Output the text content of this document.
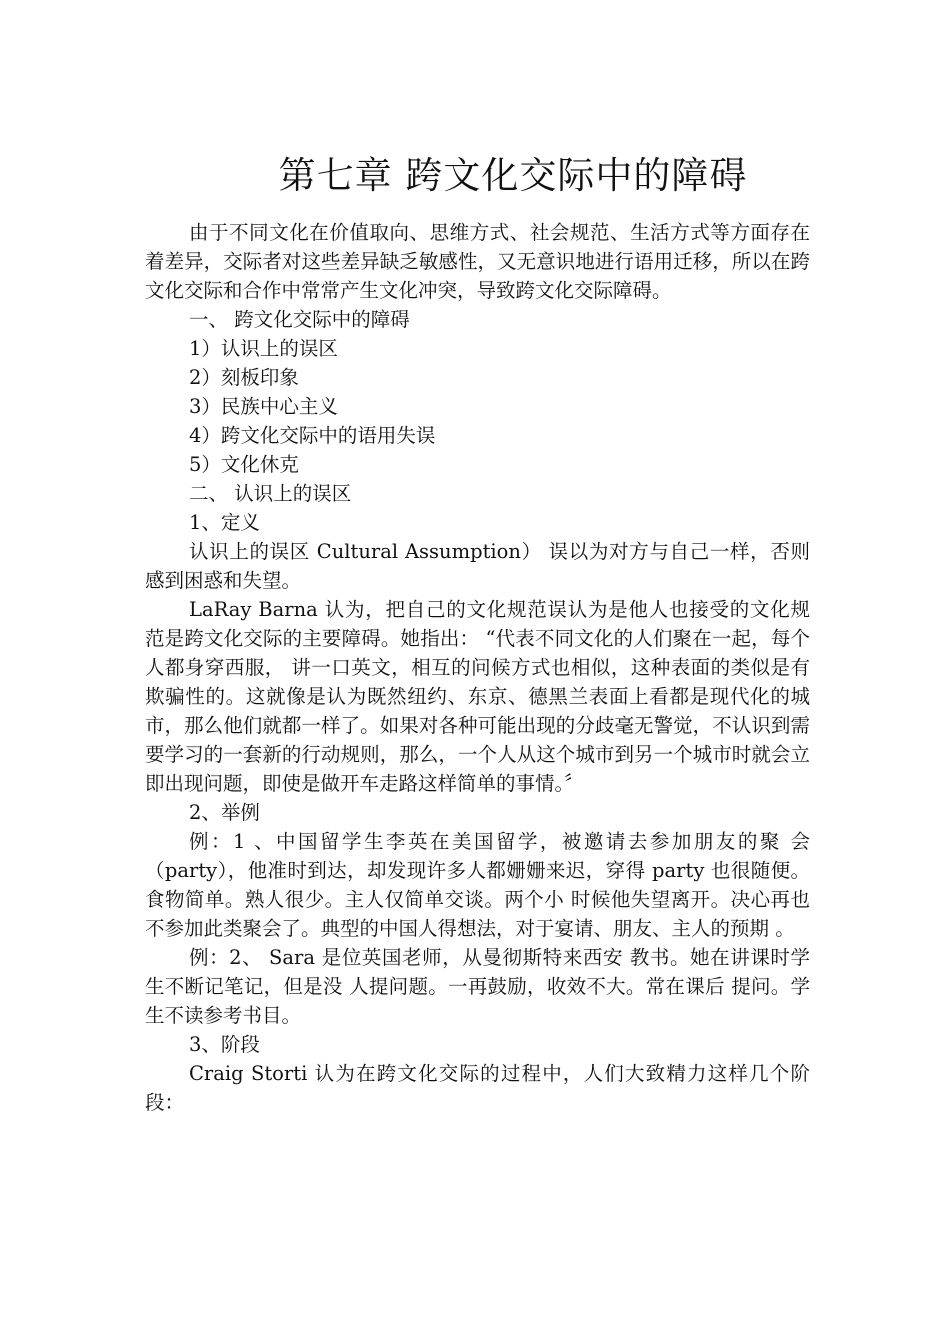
第七章 跨文化交际中的障碍

由于不同文化在价值取向、思维方式、社会规范、生活方式等方面存在着差异，交际者对这些差异缺乏敏感性，又无意识地进行语用迁移，所以在跨文化交际和合作中常常产生文化冲突，导致跨文化交际障碍。

一、 跨文化交际中的障碍
1）认识上的误区
2）刻板印象
3）民族中心主义
4）跨文化交际中的语用失误
5）文化休克
二、 认识上的误区
1、定义

认识上的误区 Cultural Assumption） 误以为对方与自己一样，否则感到困惑和失望。

LaRay Barna 认为，把自己的文化规范误认为是他人也接受的文化规范是跨文化交际的主要障碍。她指出： “代表不同文化的人们聚在一起，每个人都身穿西服， 讲一口英文，相互的问候方式也相似，这种表面的类似是有欺骗性的。这就像是认为既然纽约、东京、德黑兰表面上看都是现代化的城市，那么他们就都一样了。如果对各种可能出现的分歧毫无警觉，不认识到需要学习的一套新的行动规则，那么，一个人从这个城市到另一个城市时就会立即出现问题，即使是做开车走路这样简单的事情。〞

2、举例

例：1 、中国留学生李英在美国留学，被邀请去参加朋友的聚 会（party），他准时到达，却发现许多人都姗姗来迟，穿得 party 也很随便。食物简单。熟人很少。主人仅简单交谈。两个小 时候他失望离开。决心再也不参加此类聚会了。典型的中国人得想法，对于宴请、朋友、主人的预期 。

例：2、 Sara 是位英国老师，从曼彻斯特来西安 教书。她在讲课时学生不断记笔记，但是没 人提问题。一再鼓励，收效不大。常在课后 提问。学生不读参考书目。

3、阶段

Craig Storti 认为在跨文化交际的过程中，人们大致精力这样几个阶段：
